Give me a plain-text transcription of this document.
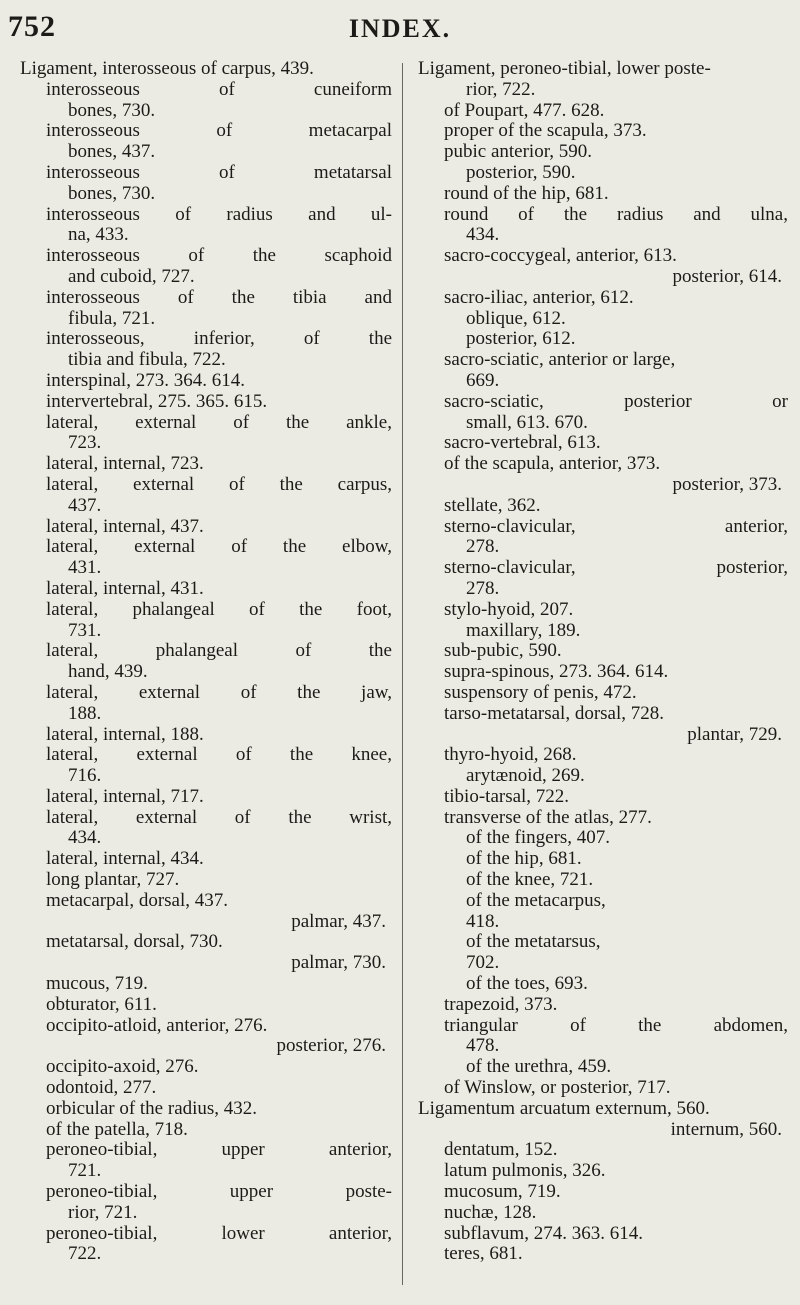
752	INDEX.
Ligament, interosseous of carpus, 439.
interosseous of cuneiform
bones, 730.
interosseous of metacarpal
bones, 437.
interosseous of metatarsal
bones, 730.
interosseous of radius and ul-
na, 433.
interosseous of the scaphoid
and cuboid, 727.
interosseous of the tibia and
fibula, 721.
interosseous, inferior, of the
tibia and fibula, 722.
interspinal, 273. 364. 614.
intervertebral, 275. 365. 615.
lateral, external of the ankle,
723.
lateral, internal, 723.
lateral, external of the carpus,
437.
lateral, internal, 437.
lateral, external of the elbow,
431.
lateral, internal, 431.
lateral, phalangeal of the foot,
731.
lateral, phalangeal of the
hand, 439.
lateral, external of the jaw,
188.
lateral, internal, 188.
lateral, external of the knee,
716.
lateral, internal, 717.
lateral, external of the wrist,
434.
lateral, internal, 434.
long plantar, 727.
metacarpal, dorsal, 437.
palmar, 437.
metatarsal, dorsal, 730.
palmar, 730.
mucous, 719.
obturator, 611.
occipito-atloid, anterior, 276.
posterior, 276.
occipito-axoid, 276.
odontoid, 277.
orbicular of the radius, 432.
of the patella, 718.
peroneo-tibial, upper anterior,
721.
peroneo-tibial, upper poste-
rior, 721.
peroneo-tibial, lower anterior,
722.
Ligament, peroneo-tibial, lower poste-
rior, 722.
of Poupart, 477. 628.
proper of the scapula, 373.
pubic anterior, 590.
posterior, 590.
round of the hip, 681.
round of the radius and ulna,
434.
sacro-coccygeal, anterior, 613.
posterior, 614.
sacro-iliac, anterior, 612.
oblique, 612.
posterior, 612.
sacro-sciatic, anterior or large,
669.
sacro-sciatic, posterior or
small, 613. 670.
sacro-vertebral, 613.
of the scapula, anterior, 373.
posterior, 373.
stellate, 362.
sterno-clavicular, anterior,
278.
sterno-clavicular, posterior,
278.
stylo-hyoid, 207.
maxillary, 189.
sub-pubic, 590.
supra-spinous, 273. 364. 614.
suspensory of penis, 472.
tarso-metatarsal, dorsal, 728.
plantar, 729.
thyro-hyoid, 268.
arytænoid, 269.
tibio-tarsal, 722.
transverse of the atlas, 277.
of the fingers, 407.
of the hip, 681.
of the knee, 721.
of the metacarpus,
418.
of the metatarsus,
702.
of the toes, 693.
trapezoid, 373.
triangular of the abdomen,
478.
of the urethra, 459.
of Winslow, or posterior, 717.
Ligamentum arcuatum externum, 560.
internum, 560.
dentatum, 152.
latum pulmonis, 326.
mucosum, 719.
nuchæ, 128.
subflavum, 274. 363. 614.
teres, 681.
